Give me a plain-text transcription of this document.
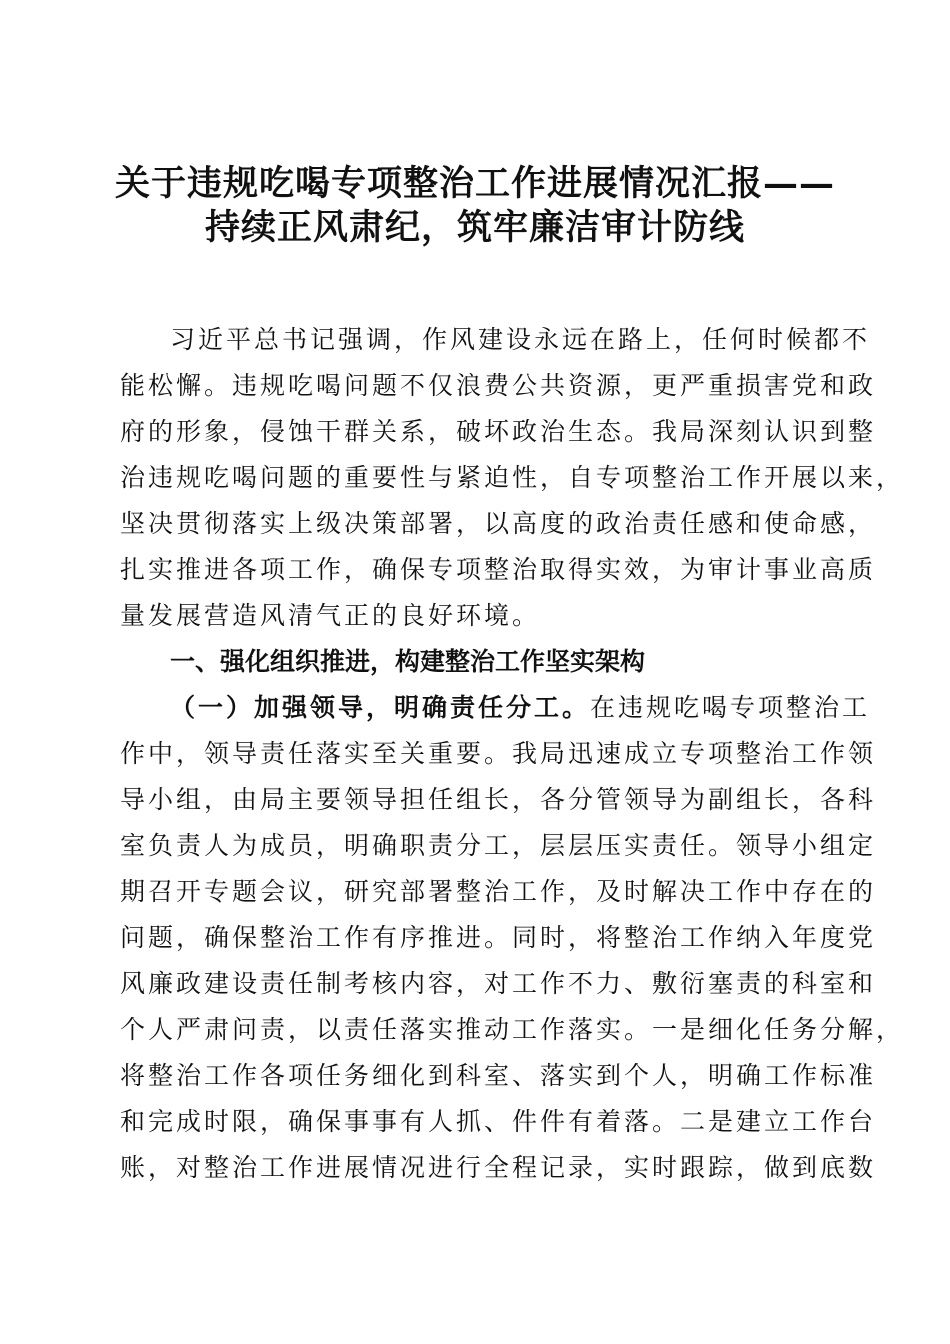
关于违规吃喝专项整治工作进展情况汇报——
持续正风肃纪，筑牢廉洁审计防线
习近平总书记强调，作风建设永远在路上，任何时候都不
能松懈。违规吃喝问题不仅浪费公共资源，更严重损害党和政
府的形象，侵蚀干群关系，破坏政治生态。我局深刻认识到整
治违规吃喝问题的重要性与紧迫性，自专项整治工作开展以来，
坚决贯彻落实上级决策部署，以高度的政治责任感和使命感，
扎实推进各项工作，确保专项整治取得实效，为审计事业高质
量发展营造风清气正的良好环境。
一、强化组织推进，构建整治工作坚实架构
（一）加强领导，明确责任分工。在违规吃喝专项整治工
作中，领导责任落实至关重要。我局迅速成立专项整治工作领
导小组，由局主要领导担任组长，各分管领导为副组长，各科
室负责人为成员，明确职责分工，层层压实责任。领导小组定
期召开专题会议，研究部署整治工作，及时解决工作中存在的
问题，确保整治工作有序推进。同时，将整治工作纳入年度党
风廉政建设责任制考核内容，对工作不力、敷衍塞责的科室和
个人严肃问责，以责任落实推动工作落实。一是细化任务分解，
将整治工作各项任务细化到科室、落实到个人，明确工作标准
和完成时限，确保事事有人抓、件件有着落。二是建立工作台
账，对整治工作进展情况进行全程记录，实时跟踪，做到底数
